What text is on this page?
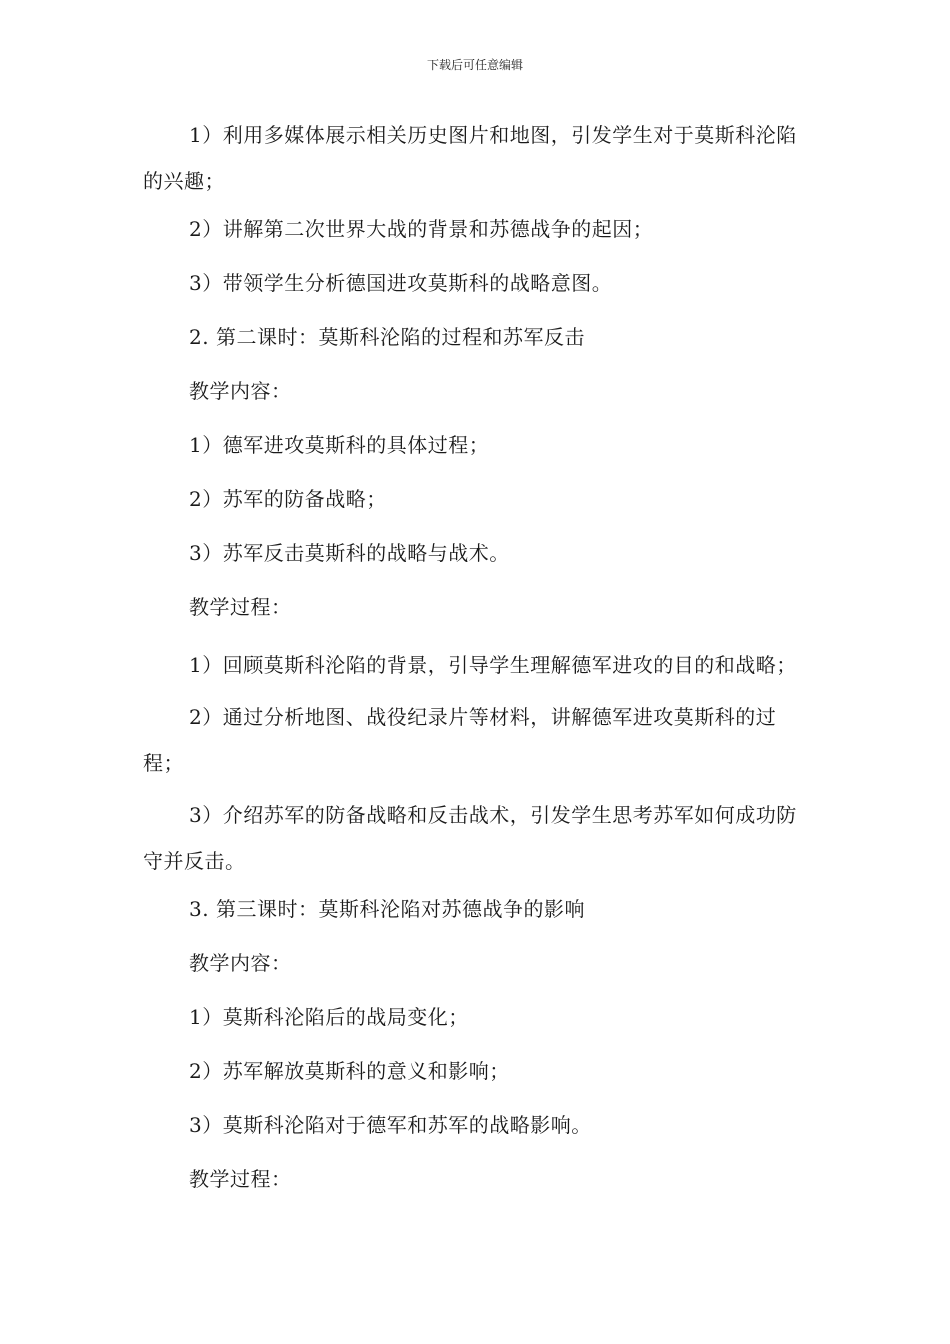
下载后可任意编辑

1）利用多媒体展示相关历史图片和地图，引发学生对于莫斯科沦陷的兴趣；

2）讲解第二次世界大战的背景和苏德战争的起因；

3）带领学生分析德国进攻莫斯科的战略意图。

2. 第二课时：莫斯科沦陷的过程和苏军反击

教学内容：

1）德军进攻莫斯科的具体过程；

2）苏军的防备战略；

3）苏军反击莫斯科的战略与战术。

教学过程：

1）回顾莫斯科沦陷的背景，引导学生理解德军进攻的目的和战略；

2）通过分析地图、战役纪录片等材料，讲解德军进攻莫斯科的过程；

3）介绍苏军的防备战略和反击战术，引发学生思考苏军如何成功防守并反击。

3. 第三课时：莫斯科沦陷对苏德战争的影响

教学内容：

1）莫斯科沦陷后的战局变化；

2）苏军解放莫斯科的意义和影响；

3）莫斯科沦陷对于德军和苏军的战略影响。

教学过程：
